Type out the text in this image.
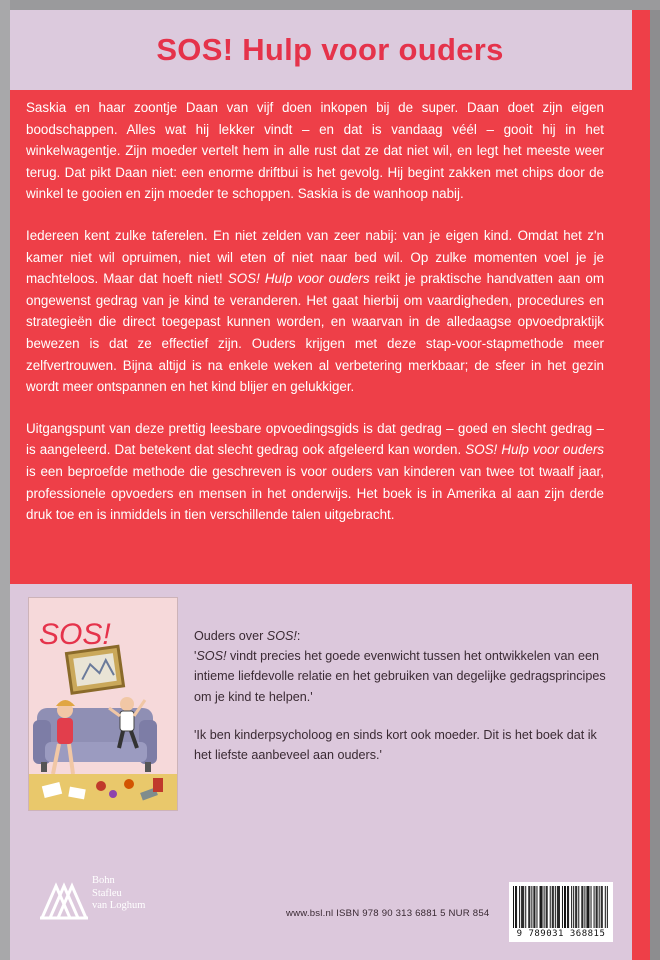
SOS! Hulp voor ouders

Saskia en haar zoontje Daan van vijf doen inkopen bij de super. Daan doet zijn eigen boodschappen. Alles wat hij lekker vindt – en dat is vandaag véél – gooit hij in het winkelwagentje. Zijn moeder vertelt hem in alle rust dat ze dat niet wil, en legt het meeste weer terug. Dat pikt Daan niet: een enorme driftbui is het gevolg. Hij begint zakken met chips door de winkel te gooien en zijn moeder te schoppen. Saskia is de wanhoop nabij.

Iedereen kent zulke taferelen. En niet zelden van zeer nabij: van je eigen kind. Omdat het z'n kamer niet wil opruimen, niet wil eten of niet naar bed wil. Op zulke momenten voel je je machteloos. Maar dat hoeft niet! SOS! Hulp voor ouders reikt je praktische handvatten aan om ongewenst gedrag van je kind te veranderen. Het gaat hierbij om vaardigheden, procedures en strategieën die direct toegepast kunnen worden, en waarvan in de alledaagse opvoedpraktijk bewezen is dat ze effectief zijn. Ouders krijgen met deze stap-voor-stapmethode meer zelfvertrouwen. Bijna altijd is na enkele weken al verbetering merkbaar; de sfeer in het gezin wordt meer ontspannen en het kind blijer en gelukkiger.

Uitgangspunt van deze prettig leesbare opvoedingsgids is dat gedrag – goed en slecht gedrag – is aangeleerd. Dat betekent dat slecht gedrag ook afgeleerd kan worden. SOS! Hulp voor ouders is een beproefde methode die geschreven is voor ouders van kinderen van twee tot twaalf jaar, professionele opvoeders en mensen in het onderwijs. Het boek is in Amerika al aan zijn derde druk toe en is inmiddels in tien verschillende talen uitgebracht.

SOS!	Ouders over SOS!:

'SOS! vindt precies het goede evenwicht tussen het ontwikkelen van een intieme liefdevolle relatie en het gebruiken van degelijke gedragsprincipes om je kind te helpen.'

'Ik ben kinderpsycholoog en sinds kort ook moeder. Dit is het boek dat ik het liefste aanbeveel aan ouders.'

Bohn
Stafleu
van Loghum
www.bsl.nl ISBN 978 90 313 6881 5 NUR 854
9 789031 368815
